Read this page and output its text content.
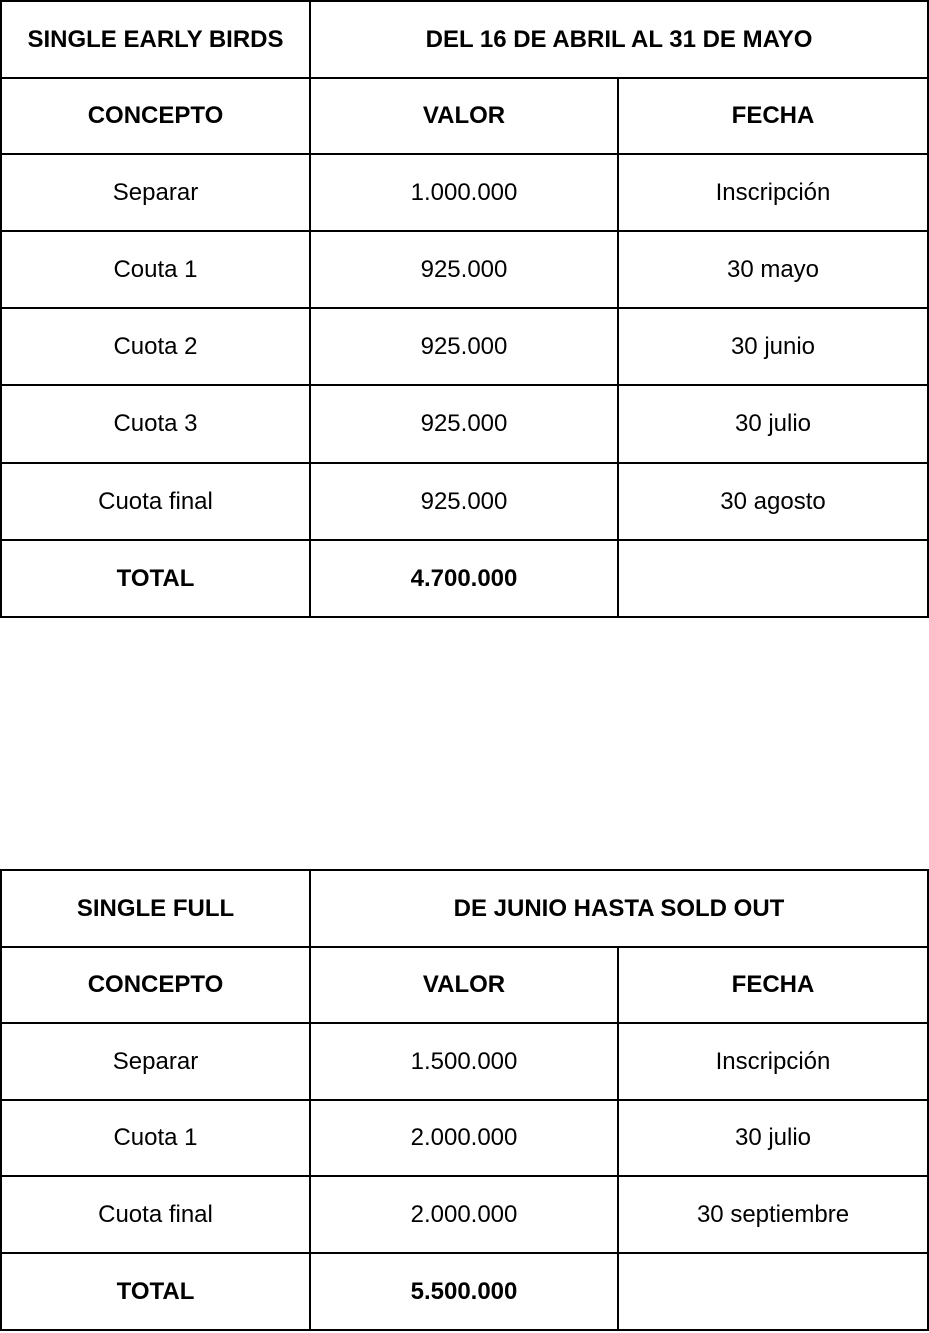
SINGLE EARLY BIRDS	DEL 16 DE ABRIL AL 31 DE MAYO	
CONCEPTO	VALOR	FECHA
Separar	1.000.000	Inscripción
Couta 1	925.000	30 mayo
Cuota 2	925.000	30 junio
Cuota 3	925.000	30 julio
Cuota final	925.000	30 agosto
TOTAL	4.700.000	
SINGLE FULL	DE JUNIO HASTA SOLD OUT	
CONCEPTO	VALOR	FECHA
Separar	1.500.000	Inscripción
Cuota 1	2.000.000	30 julio
Cuota final	2.000.000	30 septiembre
TOTAL	5.500.000	
